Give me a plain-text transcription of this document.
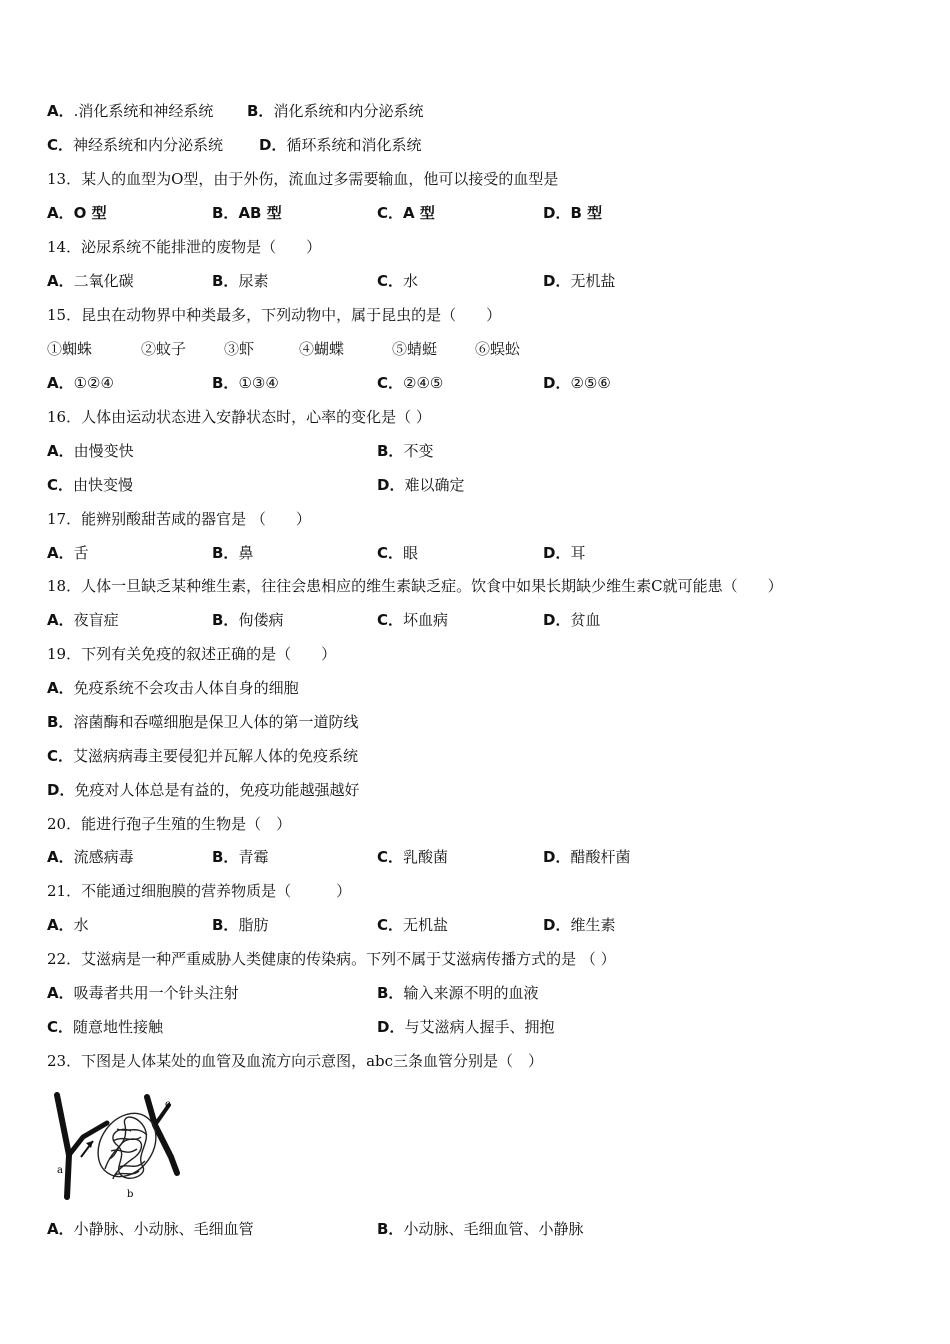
A．.消化系统和神经系统 B．消化系统和内分泌系统
C．神经系统和内分泌系统 D．循环系统和消化系统
13．某人的血型为O型，由于外伤，流血过多需要输血，他可以接受的血型是
A．O 型	B．AB 型	C．A 型	D．B 型
14．泌尿系统不能排泄的废物是（　　）
A．二氧化碳	B．尿素	C．水	D．无机盐
15．昆虫在动物界中种类最多，下列动物中，属于昆虫的是（　　）
①蜘蛛	②蚊子	③虾	④蝴蝶	⑤蜻蜓	⑥蜈蚣
A．①②④	B．①③④	C．②④⑤	D．②⑤⑥
16．人体由运动状态进入安静状态时，心率的变化是（ ）
A．由慢变快	B．不变
C．由快变慢	D．难以确定
17．能辨别酸甜苦咸的器官是 （　　）
A．舌	B．鼻	C．眼	D．耳
18．人体一旦缺乏某种维生素，往往会患相应的维生素缺乏症。饮食中如果长期缺少维生素C就可能患（　　）
A．夜盲症	B．佝偻病	C．坏血病	D．贫血
19．下列有关免疫的叙述正确的是（　　）
A．免疫系统不会攻击人体自身的细胞
B．溶菌酶和吞噬细胞是保卫人体的第一道防线
C．艾滋病病毒主要侵犯并瓦解人体的免疫系统
D．免疫对人体总是有益的，免疫功能越强越好
20．能进行孢子生殖的生物是（　）
A．流感病毒	B．青霉	C．乳酸菌	D．醋酸杆菌
21．不能通过细胞膜的营养物质是（　　　）
A．水	B．脂肪	C．无机盐	D．维生素
22．艾滋病是一种严重威胁人类健康的传染病。下列不属于艾滋病传播方式的是 （ ）
A．吸毒者共用一个针头注射	B．输入来源不明的血液
C．随意地性接触	D．与艾滋病人握手、拥抱
23．下图是人体某处的血管及血流方向示意图，abc三条血管分别是（　）
a
b
c
A．小静脉、小动脉、毛细血管	B．小动脉、毛细血管、小静脉
